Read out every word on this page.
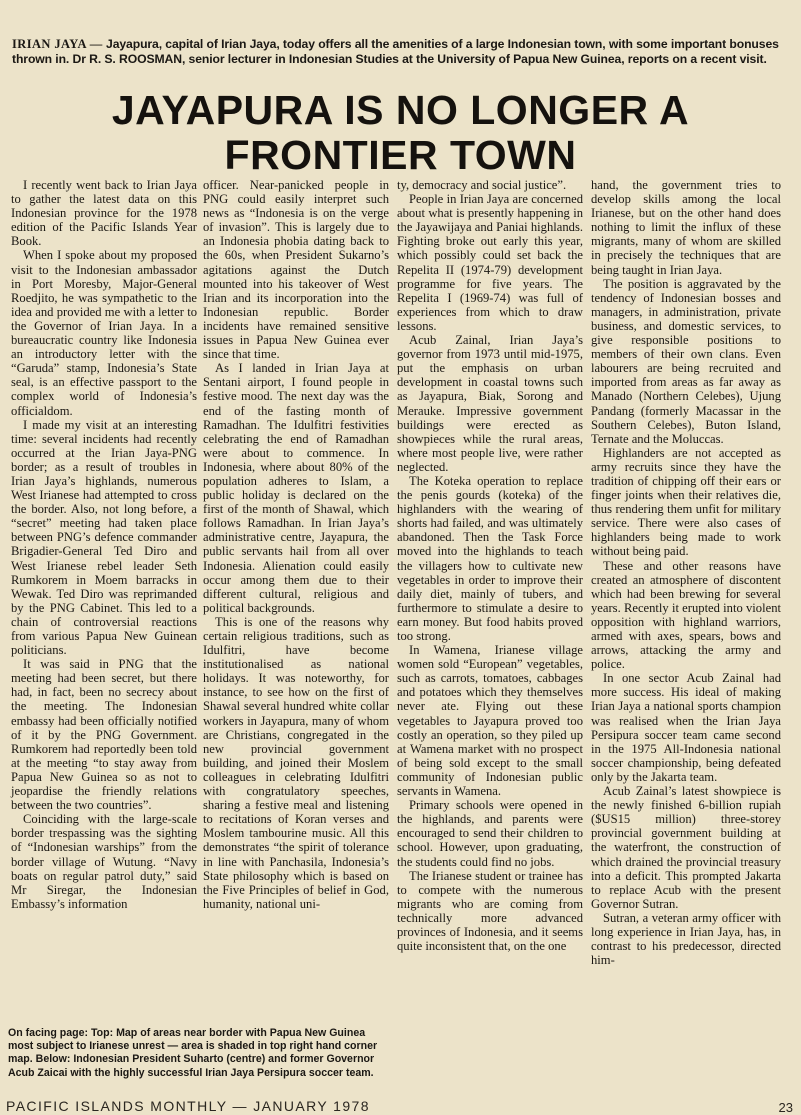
IRIAN JAYA — Jayapura, capital of Irian Jaya, today offers all the amenities of a large Indonesian town, with some important bonuses thrown in. Dr R. S. ROOSMAN, senior lecturer in Indonesian Studies at the University of Papua New Guinea, reports on a recent visit.
JAYAPURA IS NO LONGER A
FRONTIER TOWN

I recently went back to Irian Jaya to gather the latest data on this Indonesian province for the 1978 edition of the Pacific Islands Year Book.

When I spoke about my proposed visit to the Indonesian ambassador in Port Moresby, Major-General Roedjito, he was sympathetic to the idea and provided me with a letter to the Governor of Irian Jaya. In a bureaucratic country like Indonesia an introductory letter with the “Garuda” stamp, Indonesia’s State seal, is an effective passport to the complex world of Indonesia’s officialdom.

I made my visit at an interesting time: several incidents had recently occurred at the Irian Jaya-PNG border; as a result of troubles in Irian Jaya’s highlands, numerous West Irianese had attempted to cross the border. Also, not long before, a “secret” meeting had taken place between PNG’s defence commander Brigadier-General Ted Diro and West Irianese rebel leader Seth Rumkorem in Moem barracks in Wewak. Ted Diro was reprimanded by the PNG Cabinet. This led to a chain of controversial reactions from various Papua New Guinean politicians.

It was said in PNG that the meeting had been secret, but there had, in fact, been no secrecy about the meeting. The Indonesian embassy had been officially notified of it by the PNG Government. Rumkorem had reportedly been told at the meeting “to stay away from Papua New Guinea so as not to jeopardise the friendly relations between the two countries”.

Coinciding with the large-scale border trespassing was the sighting of “Indonesian warships” from the border village of Wutung. “Navy boats on regular patrol duty,” said Mr Siregar, the Indonesian Embassy’s information

officer. Near-panicked people in PNG could easily interpret such news as “Indonesia is on the verge of invasion”. This is largely due to an Indonesia phobia dating back to the 60s, when President Sukarno’s agitations against the Dutch mounted into his takeover of West Irian and its incorporation into the Indonesian republic. Border incidents have remained sensitive issues in Papua New Guinea ever since that time.

As I landed in Irian Jaya at Sentani airport, I found people in festive mood. The next day was the end of the fasting month of Ramadhan. The Idulfitri festivities celebrating the end of Ramadhan were about to commence. In Indonesia, where about 80% of the population adheres to Islam, a public holiday is declared on the first of the month of Shawal, which follows Ramadhan. In Irian Jaya’s administrative centre, Jayapura, the public servants hail from all over Indonesia. Alienation could easily occur among them due to their different cultural, religious and political backgrounds.

This is one of the reasons why certain religious traditions, such as Idulfitri, have become institutionalised as national holidays. It was noteworthy, for instance, to see how on the first of Shawal several hundred white collar workers in Jayapura, many of whom are Christians, congregated in the new provincial government building, and joined their Moslem colleagues in celebrating Idulfitri with congratulatory speeches, sharing a festive meal and listening to recitations of Koran verses and Moslem tambourine music. All this demonstrates “the spirit of tolerance in line with Panchasila, Indonesia’s State philosophy which is based on the Five Principles of belief in God, humanity, national uni-

ty, democracy and social justice”.

People in Irian Jaya are concerned about what is presently happening in the Jayawijaya and Paniai highlands. Fighting broke out early this year, which possibly could set back the Repelita II (1974-79) development programme for five years. The Repelita I (1969-74) was full of experiences from which to draw lessons.

Acub Zainal, Irian Jaya’s governor from 1973 until mid-1975, put the emphasis on urban development in coastal towns such as Jayapura, Biak, Sorong and Merauke. Impressive government buildings were erected as showpieces while the rural areas, where most people live, were rather neglected.

The Koteka operation to replace the penis gourds (koteka) of the highlanders with the wearing of shorts had failed, and was ultimately abandoned. Then the Task Force moved into the highlands to teach the villagers how to cultivate new vegetables in order to improve their daily diet, mainly of tubers, and furthermore to stimulate a desire to earn money. But food habits proved too strong.

In Wamena, Irianese village women sold “European” vegetables, such as carrots, tomatoes, cabbages and potatoes which they themselves never ate. Flying out these vegetables to Jayapura proved too costly an operation, so they piled up at Wamena market with no prospect of being sold except to the small community of Indonesian public servants in Wamena.

Primary schools were opened in the highlands, and parents were encouraged to send their children to school. However, upon graduating, the students could find no jobs.

The Irianese student or trainee has to compete with the numerous migrants who are coming from technically more advanced provinces of Indonesia, and it seems quite inconsistent that, on the one

hand, the government tries to develop skills among the local Irianese, but on the other hand does nothing to limit the influx of these migrants, many of whom are skilled in precisely the techniques that are being taught in Irian Jaya.

The position is aggravated by the tendency of Indonesian bosses and managers, in administration, private business, and domestic services, to give responsible positions to members of their own clans. Even labourers are being recruited and imported from areas as far away as Manado (Northern Celebes), Ujung Pandang (formerly Macassar in the Southern Celebes), Buton Island, Ternate and the Moluccas.

Highlanders are not accepted as army recruits since they have the tradition of chipping off their ears or finger joints when their relatives die, thus rendering them unfit for military service. There were also cases of highlanders being made to work without being paid.

These and other reasons have created an atmosphere of discontent which had been brewing for several years. Recently it erupted into violent opposition with highland warriors, armed with axes, spears, bows and arrows, attacking the army and police.

In one sector Acub Zainal had more success. His ideal of making Irian Jaya a national sports champion was realised when the Irian Jaya Persipura soccer team came second in the 1975 All-Indonesia national soccer championship, being defeated only by the Jakarta team.

Acub Zainal’s latest showpiece is the newly finished 6-billion rupiah ($US15 million) three-storey provincial government building at the waterfront, the construction of which drained the provincial treasury into a deficit. This prompted Jakarta to replace Acub with the present Governor Sutran.

Sutran, a veteran army officer with long experience in Irian Jaya, has, in contrast to his predecessor, directed him-

On facing page: Top: Map of areas near border with Papua New Guinea most subject to Irianese unrest — area is shaded in top right hand corner map. Below: Indonesian President Suharto (centre) and former Governor Acub Zaicai with the highly successful Irian Jaya Persipura soccer team.
PACIFIC ISLANDS MONTHLY — JANUARY 1978	23
